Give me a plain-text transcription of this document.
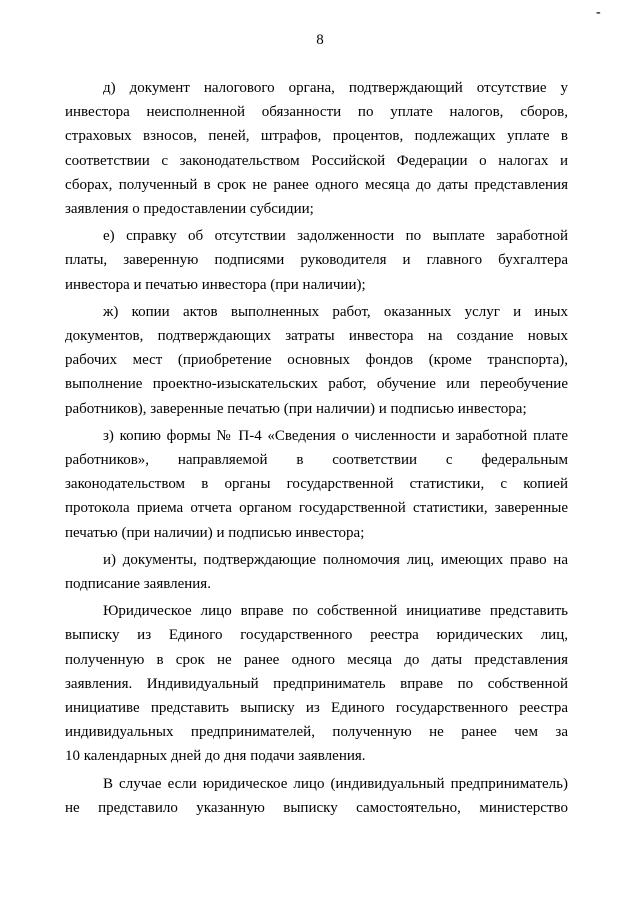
-
8
д) документ налогового органа, подтверждающий отсутствие у
инвестора неисполненной обязанности по уплате налогов, сборов,
страховых взносов, пеней, штрафов, процентов, подлежащих уплате в
соответствии с законодательством Российской Федерации о налогах и
сборах, полученный в срок не ранее одного месяца до даты представления
заявления о предоставлении субсидии;
е) справку об отсутствии задолженности по выплате заработной
платы, заверенную подписями руководителя и главного бухгалтера
инвестора и печатью инвестора (при наличии);
ж) копии актов выполненных работ, оказанных услуг и иных
документов, подтверждающих затраты инвестора на создание новых
рабочих мест (приобретение основных фондов (кроме транспорта),
выполнение проектно-изыскательских работ, обучение или переобучение
работников), заверенные печатью (при наличии) и подписью инвестора;
з) копию формы № П-4 «Сведения о численности и заработной плате
работников», направляемой в соответствии с федеральным
законодательством в органы государственной статистики, с копией
протокола приема отчета органом государственной статистики, заверенные
печатью (при наличии) и подписью инвестора;
и) документы, подтверждающие полномочия лиц, имеющих право на
подписание заявления.
Юридическое лицо вправе по собственной инициативе представить
выписку из Единого государственного реестра юридических лиц,
полученную в срок не ранее одного месяца до даты представления
заявления. Индивидуальный предприниматель вправе по собственной
инициативе представить выписку из Единого государственного реестра
индивидуальных предпринимателей, полученную не ранее чем за
10 календарных дней до дня подачи заявления.
В случае если юридическое лицо (индивидуальный предприниматель)
не представило указанную выписку самостоятельно, министерство
